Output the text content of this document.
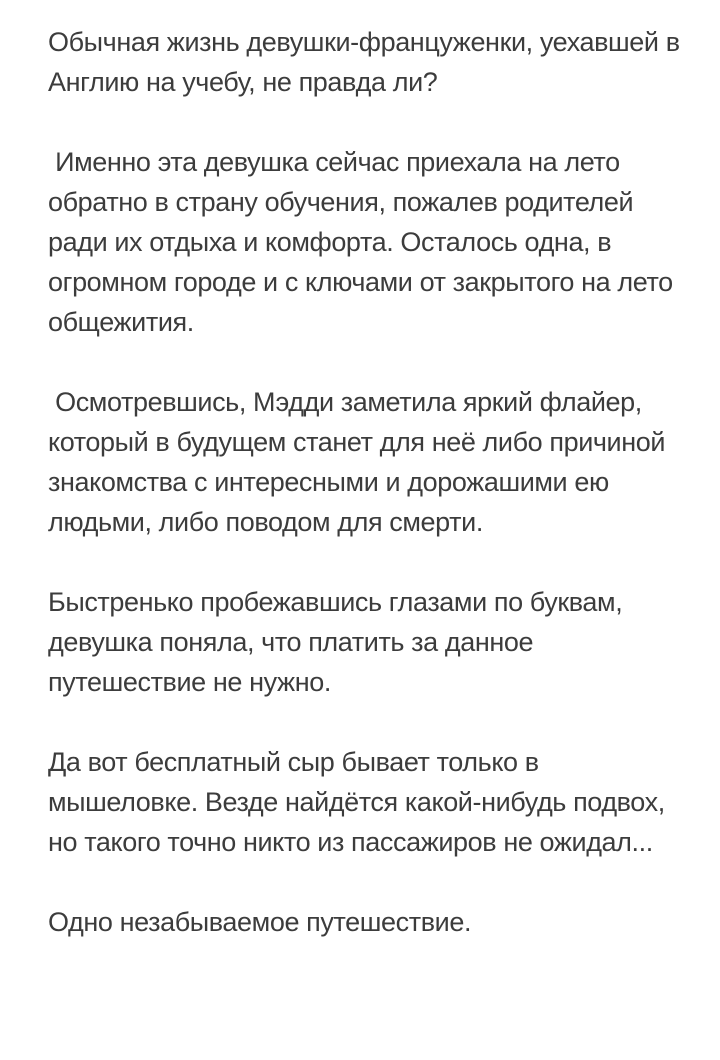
Обычная жизнь девушки-француженки, уехавшей в Англию на учебу, не правда ли?

Именно эта девушка сейчас приехала на лето обратно в страну обучения, пожалев родителей ради их отдыха и комфорта. Осталось одна, в огромном городе и с ключами от закрытого на лето общежития.

Осмотревшись, Мэдди заметила яркий флайер, который в будущем станет для неё либо причиной знакомства с интересными и дорожашими ею людьми, либо поводом для смерти.

Быстренько пробежавшись глазами по буквам, девушка поняла, что платить за данное путешествие не нужно.

Да вот бесплатный сыр бывает только в мышеловке. Везде найдётся какой-нибудь подвох, но такого точно никто из пассажиров не ожидал...

Одно незабываемое путешествие.
